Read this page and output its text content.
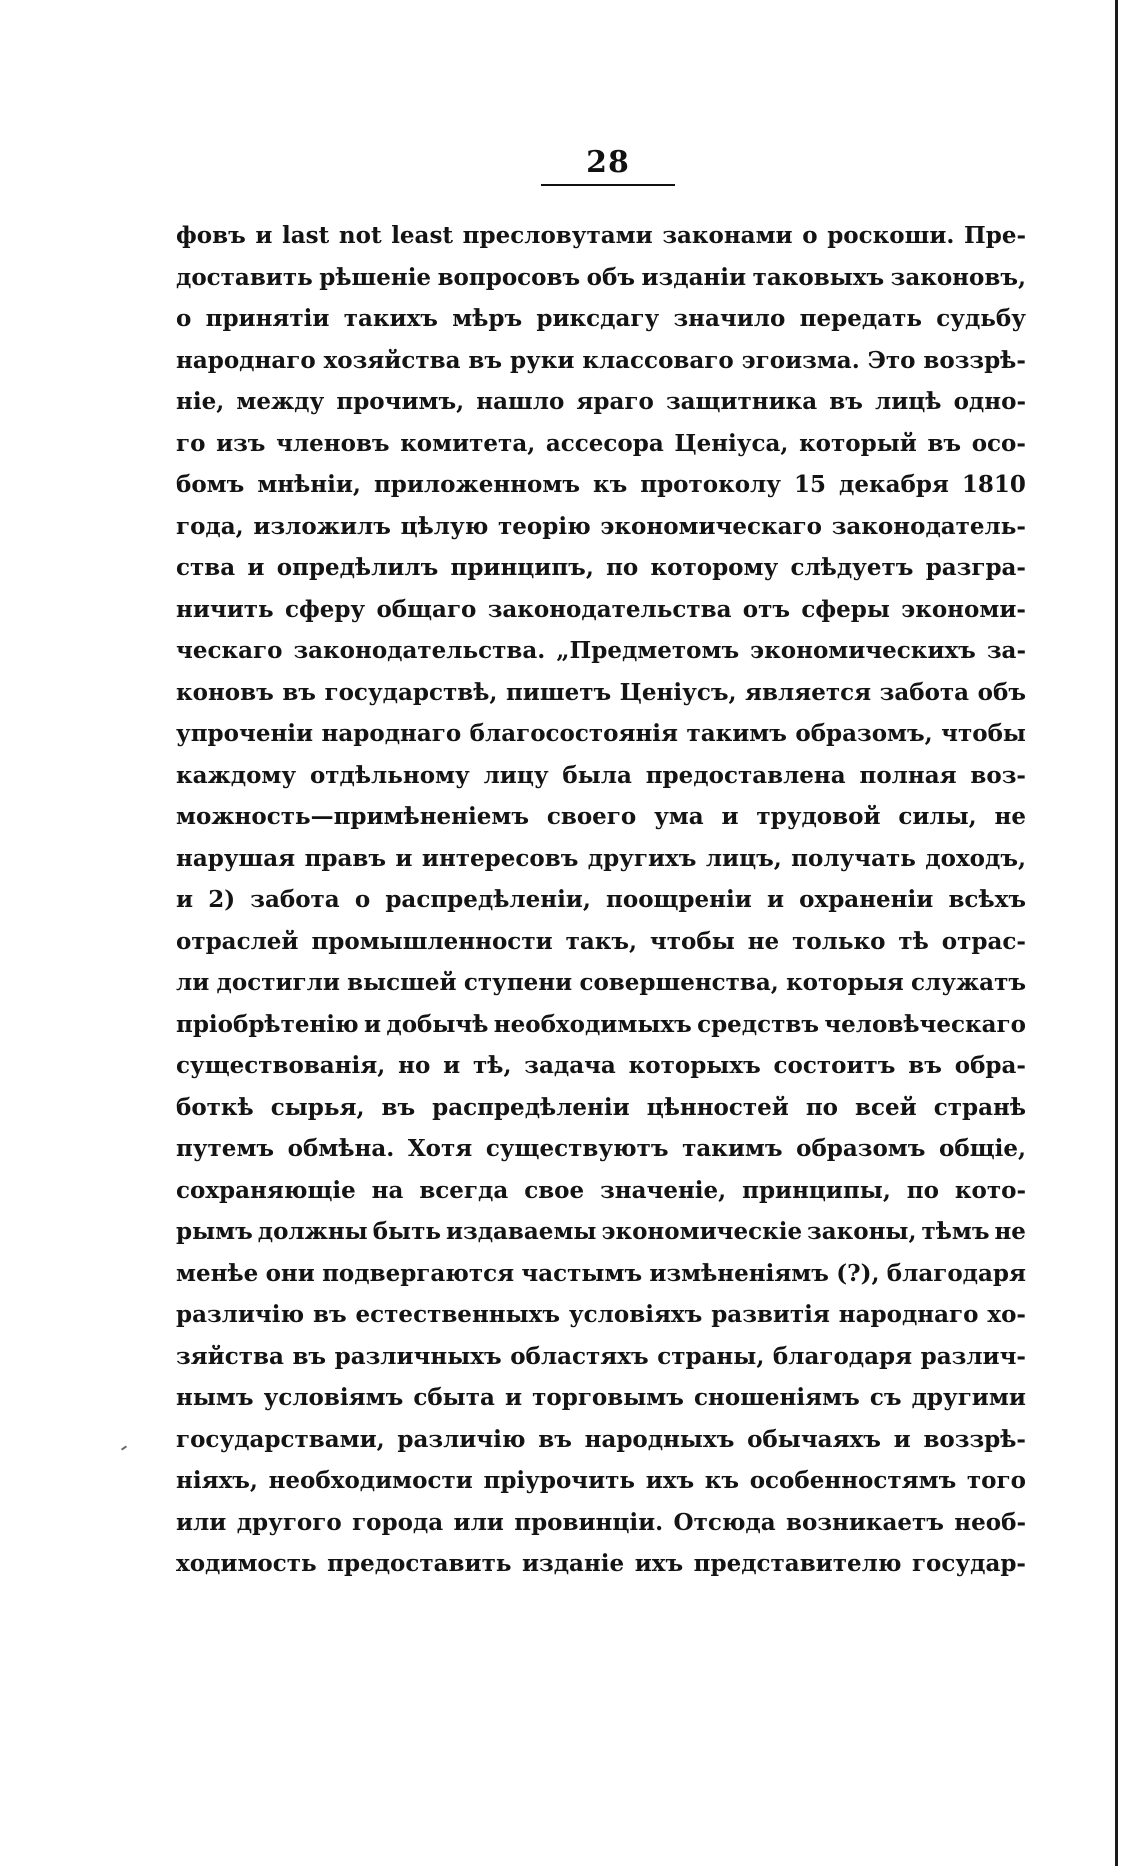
28
фовъ и last not least пресловутами законами о роскоши. Пре-
доставить рѣшеніе вопросовъ объ изданіи таковыхъ законовъ,
о принятіи такихъ мѣръ риксдагу значило передать судьбу
народнаго хозяйства въ руки классоваго эгоизма. Это воззрѣ-
ніе, между прочимъ, нашло яраго защитника въ лицѣ одно-
го изъ членовъ комитета, ассесора Ценіуса, который въ осо-
бомъ мнѣніи, приложенномъ къ протоколу 15 декабря 1810
года, изложилъ цѣлую теорію экономическаго законодатель-
ства и опредѣлилъ принципъ, по которому слѣдуетъ разгра-
ничить сферу общаго законодательства отъ сферы экономи-
ческаго законодательства. „Предметомъ экономическихъ за-
коновъ въ государствѣ, пишетъ Ценіусъ, является забота объ
упроченіи народнаго благосостоянія такимъ образомъ, чтобы
каждому отдѣльному лицу была предоставлена полная воз-
можность—примѣненіемъ своего ума и трудовой силы, не
нарушая правъ и интересовъ другихъ лицъ, получать доходъ,
и 2) забота о распредѣленіи, поощреніи и охраненіи всѣхъ
отраслей промышленности такъ, чтобы не только тѣ отрас-
ли достигли высшей ступени совершенства, которыя служатъ
пріобрѣтенію и добычѣ необходимыхъ средствъ человѣческаго
существованія, но и тѣ, задача которыхъ состоитъ въ обра-
боткѣ сырья, въ распредѣленіи цѣнностей по всей странѣ
путемъ обмѣна. Хотя существуютъ такимъ образомъ общіе,
сохраняющіе на всегда свое значеніе, принципы, по кото-
рымъ должны быть издаваемы экономическіе законы, тѣмъ не
менѣе они подвергаются частымъ измѣненіямъ (?), благодаря
различію въ естественныхъ условіяхъ развитія народнаго хо-
зяйства въ различныхъ областяхъ страны, благодаря различ-
нымъ условіямъ сбыта и торговымъ сношеніямъ съ другими
государствами, различію въ народныхъ обычаяхъ и воззрѣ-
ніяхъ, необходимости пріурочить ихъ къ особенностямъ того
или другого города или провинціи. Отсюда возникаетъ необ-
ходимость предоставить изданіе ихъ представителю государ-
